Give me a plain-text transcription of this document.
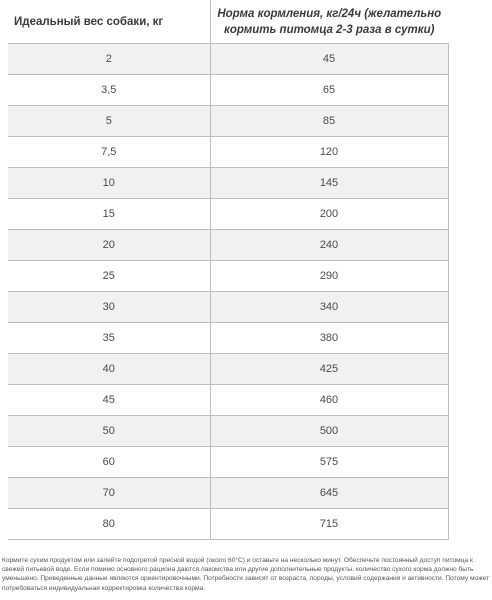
Идеальный вес собаки, кг	Норма кормления, кг/24ч (желательно кормить питомца 2-3 раза в сутки)
2	45
3,5	65
5	85
7,5	120
10	145
15	200
20	240
25	290
30	340
35	380
40	425
45	460
50	500
60	575
70	645
80	715
Кормите сухим продуктом или залейте подогретой пресной водой (около 60°С) и оставьте на несколько минут. Обеспечьте постоянный доступ питомца к свежей питьевой воде. Если помимо основного рациона даются лакомства или другие дополнительные продукты, количество сухого корма должно быть уменьшено. Приведенные данные являются ориентировочными. Потребности зависят от возраста, породы, условий содержания и активности. Потому может потребоваться индивидуальная корректировка количества корма.
